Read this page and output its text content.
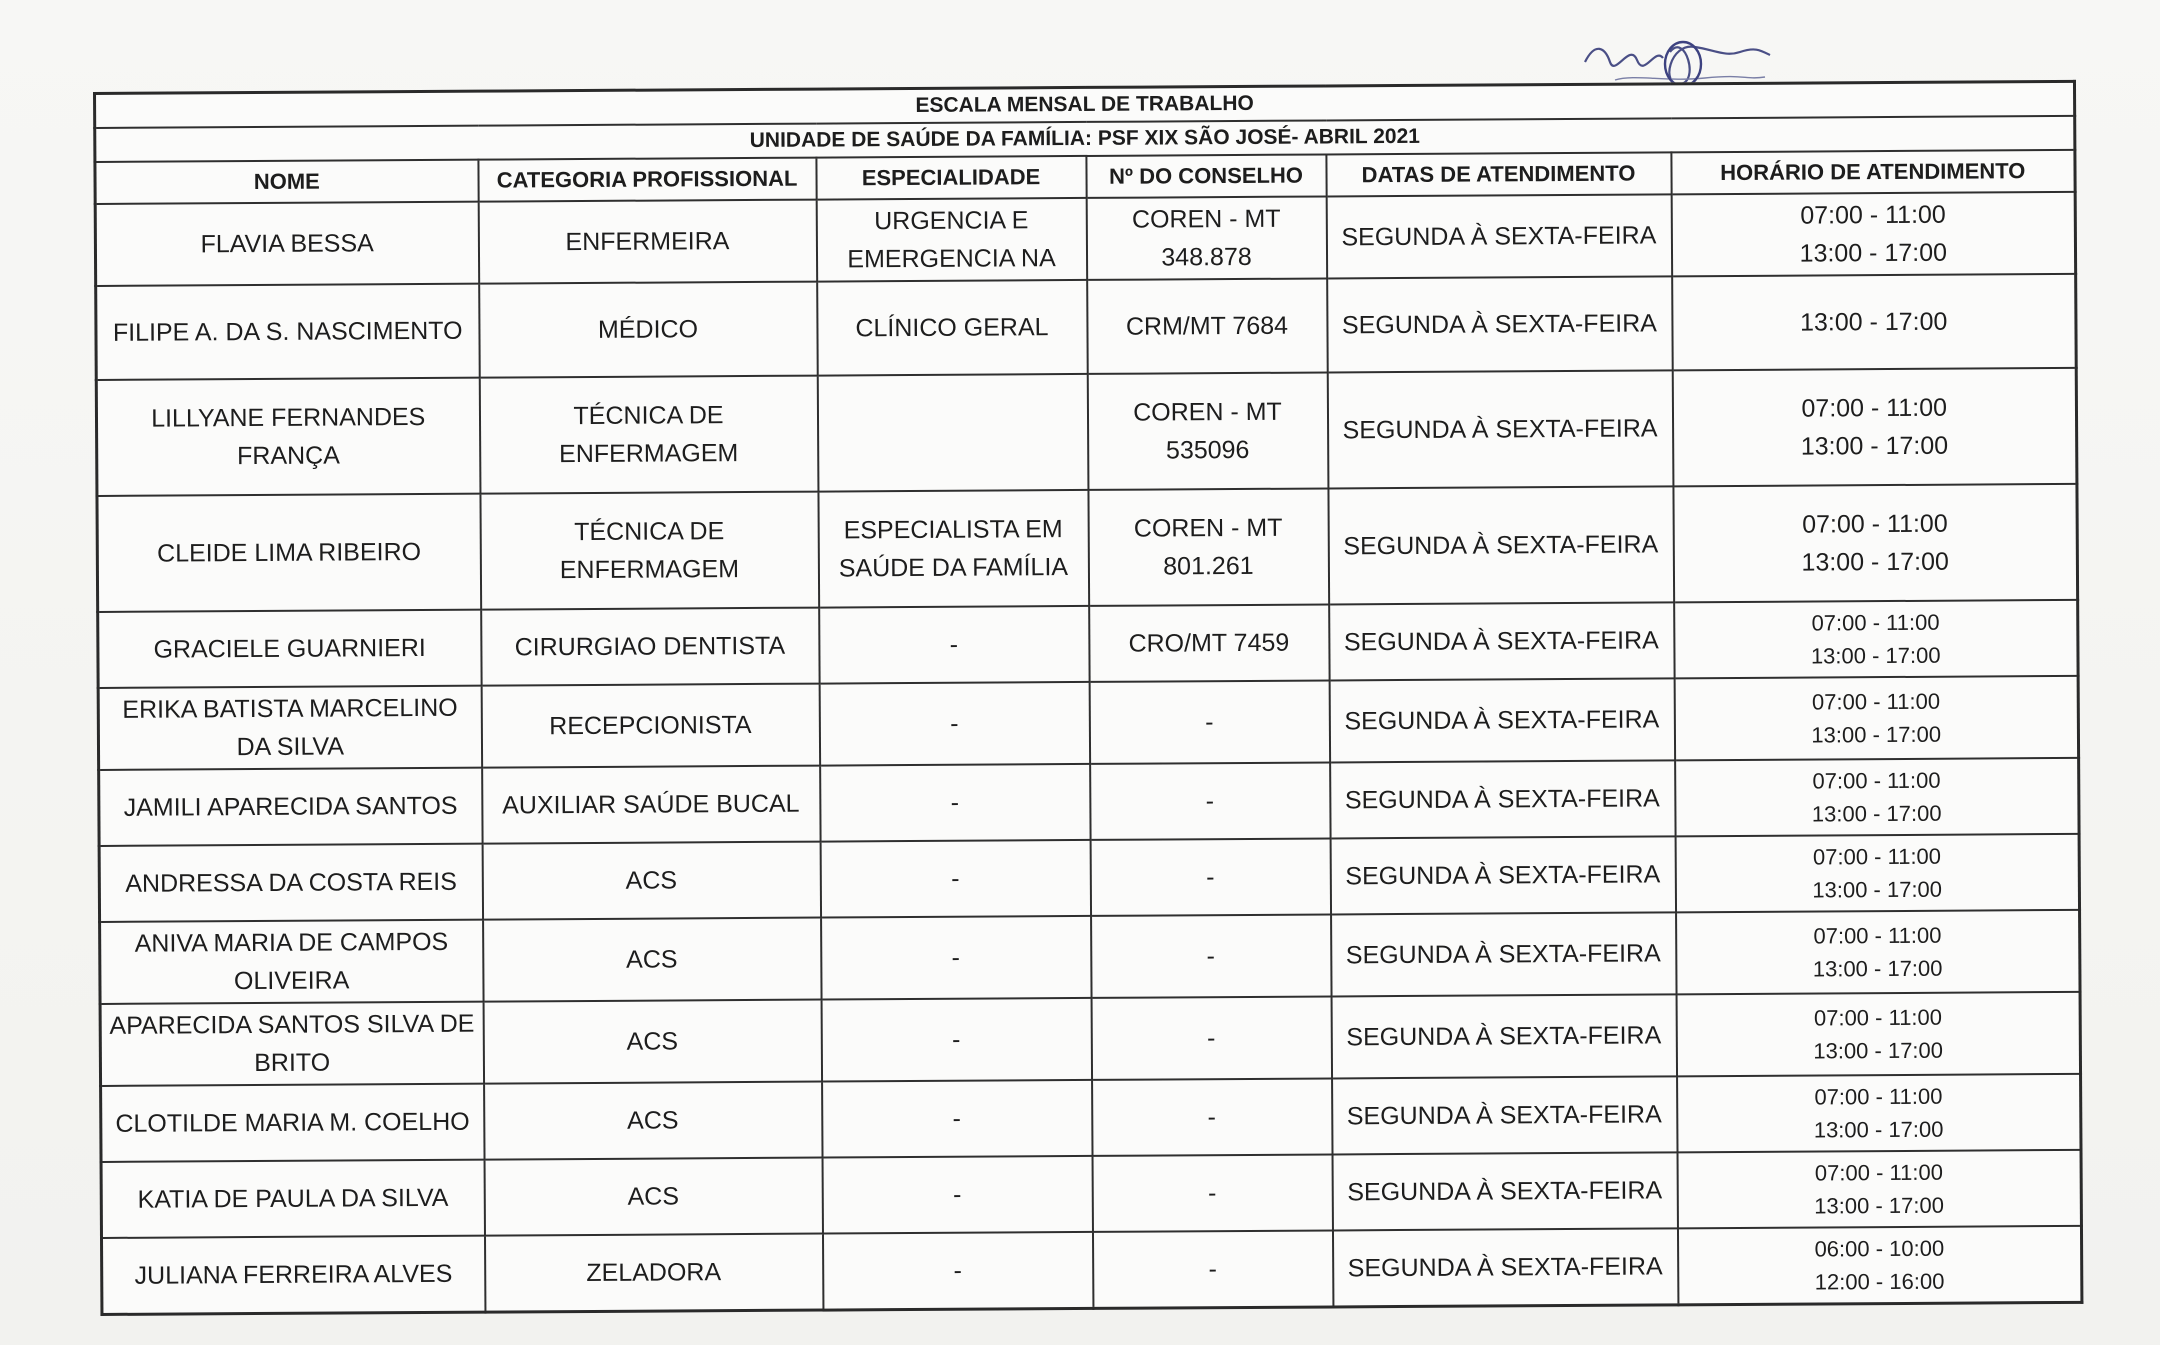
ESCALA MENSAL DE TRABALHO					
UNIDADE DE SAÚDE DA FAMÍLIA: PSF XIX SÃO JOSÉ- ABRIL 2021					
NOME	CATEGORIA PROFISSIONAL	ESPECIALIDADE	Nº DO CONSELHO	DATAS DE ATENDIMENTO	HORÁRIO DE ATENDIMENTO
FLAVIA BESSA	ENFERMEIRA	URGENCIA E EMERGENCIA NA	COREN - MT 348.878	SEGUNDA À SEXTA-FEIRA	07:00 - 11:00
13:00 - 17:00

FILIPE A. DA S. NASCIMENTO	MÉDICO	CLÍNICO GERAL	CRM/MT 7684	SEGUNDA À SEXTA-FEIRA	13:00 - 17:00

LILLYANE FERNANDES FRANÇA	TÉCNICA DE ENFERMAGEM		COREN - MT 535096	SEGUNDA À SEXTA-FEIRA	07:00 - 11:00
13:00 - 17:00

CLEIDE LIMA RIBEIRO	TÉCNICA DE ENFERMAGEM	ESPECIALISTA EM SAÚDE DA FAMÍLIA	COREN - MT 801.261	SEGUNDA À SEXTA-FEIRA	07:00 - 11:00
13:00 - 17:00

GRACIELE GUARNIERI	CIRURGIAO DENTISTA	-	CRO/MT 7459	SEGUNDA À SEXTA-FEIRA	07:00 - 11:00
13:00 - 17:00

ERIKA BATISTA MARCELINO DA SILVA	RECEPCIONISTA	-	-	SEGUNDA À SEXTA-FEIRA	07:00 - 11:00
13:00 - 17:00

JAMILI APARECIDA SANTOS	AUXILIAR SAÚDE BUCAL	-	-	SEGUNDA À SEXTA-FEIRA	07:00 - 11:00
13:00 - 17:00

ANDRESSA DA COSTA REIS	ACS	-	-	SEGUNDA À SEXTA-FEIRA	07:00 - 11:00
13:00 - 17:00

ANIVA MARIA DE CAMPOS OLIVEIRA	ACS	-	-	SEGUNDA À SEXTA-FEIRA	07:00 - 11:00
13:00 - 17:00

APARECIDA SANTOS SILVA DE BRITO	ACS	-	-	SEGUNDA À SEXTA-FEIRA	07:00 - 11:00
13:00 - 17:00

CLOTILDE MARIA M. COELHO	ACS	-	-	SEGUNDA À SEXTA-FEIRA	07:00 - 11:00
13:00 - 17:00

KATIA DE PAULA DA SILVA	ACS	-	-	SEGUNDA À SEXTA-FEIRA	07:00 - 11:00
13:00 - 17:00

JULIANA FERREIRA ALVES	ZELADORA	-	-	SEGUNDA À SEXTA-FEIRA	06:00 - 10:00
12:00 - 16:00
